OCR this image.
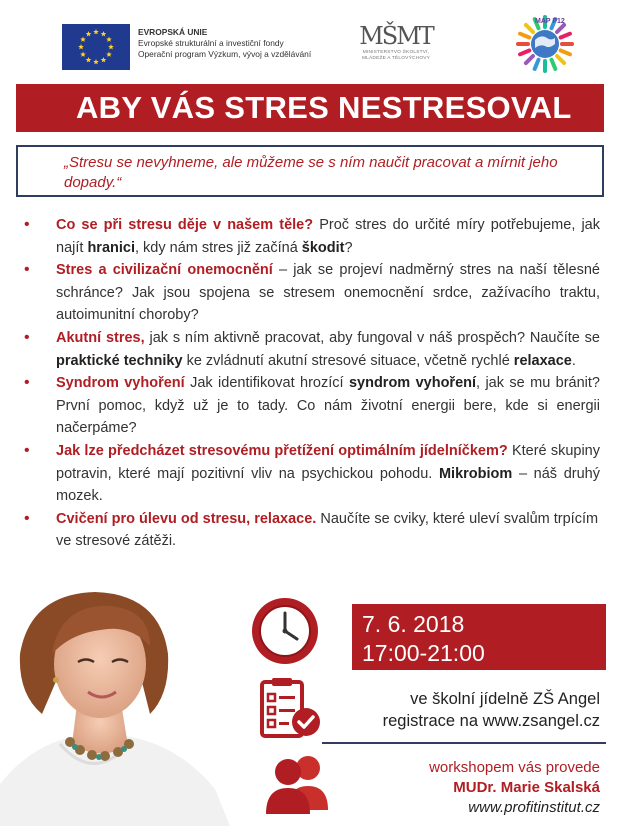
EVROPSKÁ UNIE
Evropské strukturální a investiční fondy
Operační program Výzkum, vývoj a vzdělávání
MŠMT
MINISTERSTVO ŠKOLSTVÍ,
MLÁDEŽE A TĚLOVÝCHOVY
MAP P12
ABY VÁS STRES NESTRESOVAL

„Stresu se nevyhneme, ale můžeme se s ním naučit pracovat a mírnit jeho dopady.“

• Co se při stresu děje v našem těle? Proč stres do určité míry potřebujeme, jak najít hranici, kdy nám stres již začíná škodit?
• Stres a civilizační onemocnění – jak se projeví nadměrný stres na naší tělesné schránce? Jak jsou spojena se stresem onemocnění srdce, zažívacího traktu, autoimunitní choroby?
• Akutní stres, jak s ním aktivně pracovat, aby fungoval v náš prospěch? Naučíte se praktické techniky ke zvládnutí akutní stresové situace, včetně rychlé relaxace.
• Syndrom vyhoření Jak identifikovat hrozící syndrom vyhoření, jak se mu bránit? První pomoc, když už je to tady. Co nám životní energii bere, kde si energii načerpáme?
• Jak lze předcházet stresovému přetížení optimálním jídelníčkem? Které skupiny potravin, které mají pozitivní vliv na psychickou pohodu. Mikrobiom – náš druhý mozek.
• Cvičení pro úlevu od stresu, relaxace. Naučíte se cviky, které uleví svalům trpícím ve stresové zátěži.
7. 6. 2018
17:00-21:00
ve školní jídelně ZŠ Angel
registrace na www.zsangel.cz
workshopem vás provede
MUDr. Marie Skalská
www.profitinstitut.cz
